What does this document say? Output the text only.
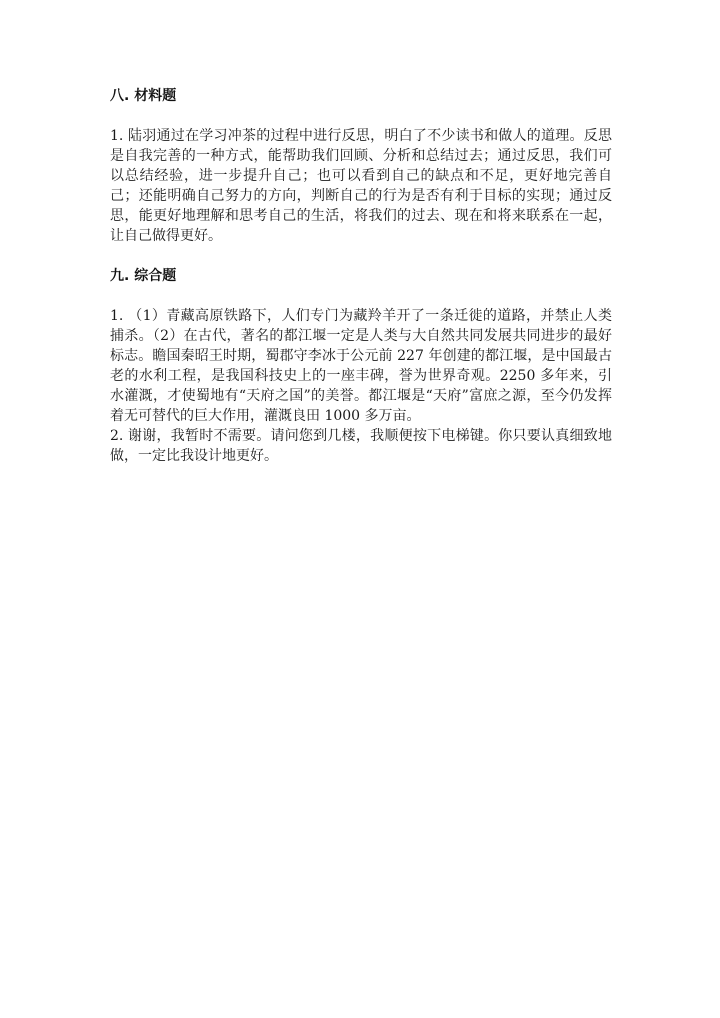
八. 材料题

1. 陆羽通过在学习冲茶的过程中进行反思，明白了不少读书和做人的道理。反思是自我完善的一种方式，能帮助我们回顾、分析和总结过去；通过反思，我们可以总结经验，进一步提升自己；也可以看到自己的缺点和不足，更好地完善自己；还能明确自己努力的方向，判断自己的行为是否有利于目标的实现；通过反思，能更好地理解和思考自己的生活，将我们的过去、现在和将来联系在一起，让自己做得更好。

九. 综合题

1. （1）青藏高原铁路下，人们专门为藏羚羊开了一条迁徙的道路，并禁止人类捕杀。（2）在古代，著名的都江堰一定是人类与大自然共同发展共同进步的最好标志。瞻国秦昭王时期，蜀郡守李冰于公元前 227 年创建的都江堰，是中国最古老的水利工程，是我国科技史上的一座丰碑，誉为世界奇观。2250 多年来，引水灌溉，才使蜀地有“天府之国”的美誉。都江堰是“天府”富庶之源，至今仍发挥着无可替代的巨大作用，灌溉良田 1000 多万亩。

2. 谢谢，我暂时不需要。请问您到几楼，我顺便按下电梯键。你只要认真细致地做，一定比我设计地更好。
